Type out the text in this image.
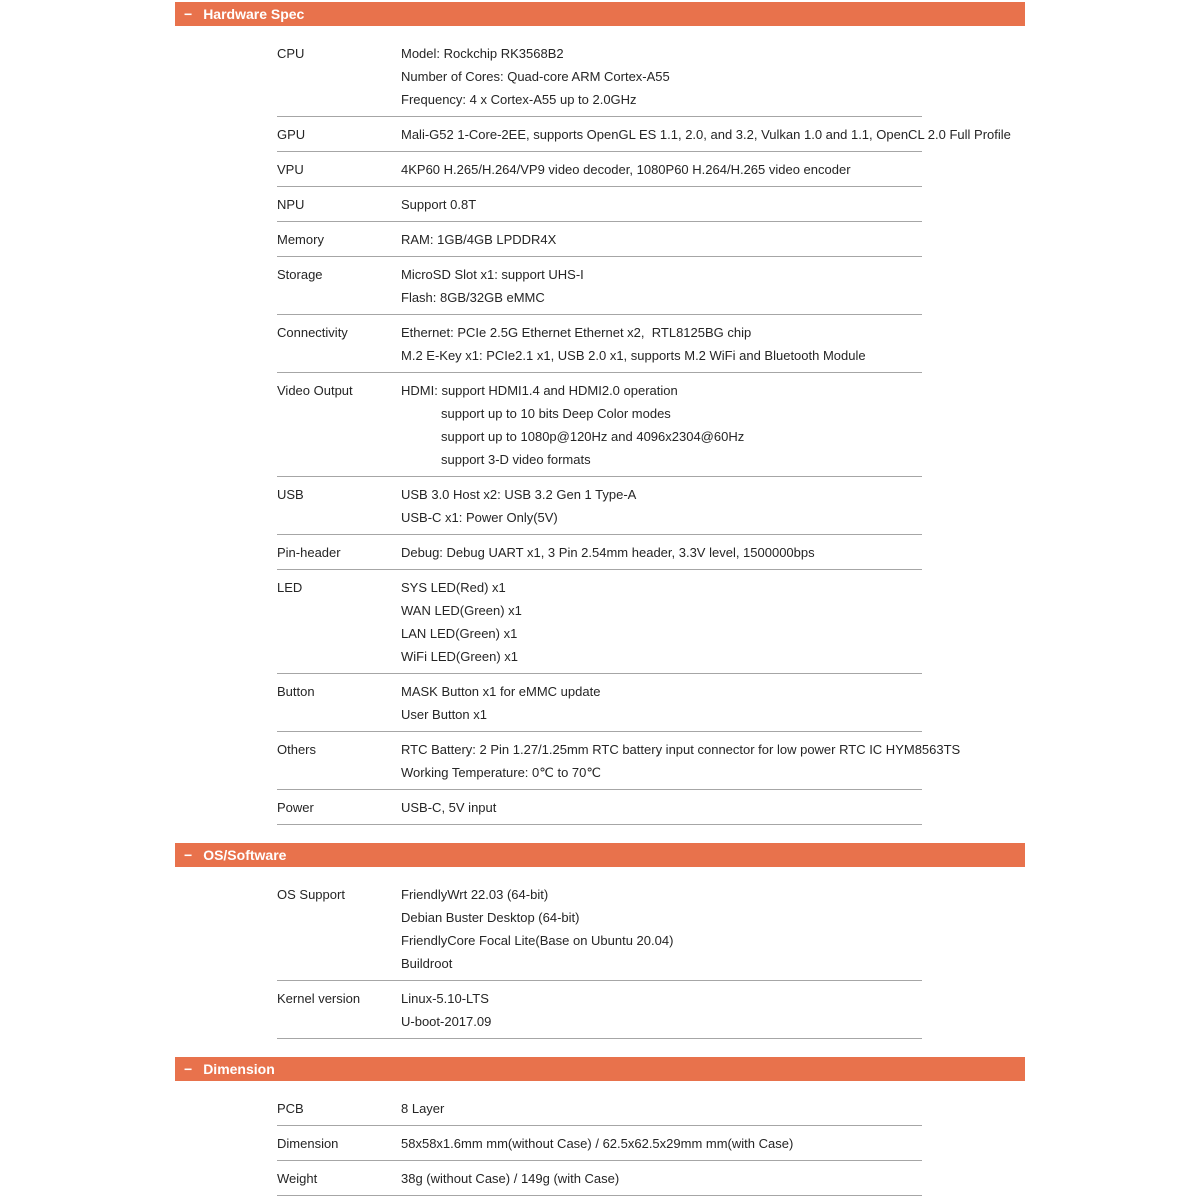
− Hardware Spec
CPU	Model: Rockchip RK3568B2
Number of Cores: Quad-core ARM Cortex-A55
Frequency: 4 x Cortex-A55 up to 2.0GHz
GPU	Mali-G52 1-Core-2EE, supports OpenGL ES 1.1, 2.0, and 3.2, Vulkan 1.0 and 1.1, OpenCL 2.0 Full Profile
VPU	4KP60 H.265/H.264/VP9 video decoder, 1080P60 H.264/H.265 video encoder
NPU	Support 0.8T
Memory	RAM: 1GB/4GB LPDDR4X
Storage	MicroSD Slot x1: support UHS-I
Flash: 8GB/32GB eMMC
Connectivity	Ethernet: PCIe 2.5G Ethernet Ethernet x2,  RTL8125BG chip
M.2 E-Key x1: PCIe2.1 x1, USB 2.0 x1, supports M.2 WiFi and Bluetooth Module
Video Output	HDMI: support HDMI1.4 and HDMI2.0 operation
support up to 10 bits Deep Color modes
support up to 1080p@120Hz and 4096x2304@60Hz
support 3-D video formats
USB	USB 3.0 Host x2: USB 3.2 Gen 1 Type-A
USB-C x1: Power Only(5V)
Pin-header	Debug: Debug UART x1, 3 Pin 2.54mm header, 3.3V level, 1500000bps
LED	SYS LED(Red) x1
WAN LED(Green) x1
LAN LED(Green) x1
WiFi LED(Green) x1
Button	MASK Button x1 for eMMC update
User Button x1
Others	RTC Battery: 2 Pin 1.27/1.25mm RTC battery input connector for low power RTC IC HYM8563TS
Working Temperature: 0℃ to 70℃
Power	USB-C, 5V input
− OS/Software
OS Support	FriendlyWrt 22.03 (64-bit)
Debian Buster Desktop (64-bit)
FriendlyCore Focal Lite(Base on Ubuntu 20.04)
Buildroot
Kernel version	Linux-5.10-LTS
U-boot-2017.09
− Dimension
PCB	8 Layer
Dimension	58x58x1.6mm mm(without Case) / 62.5x62.5x29mm mm(with Case)
Weight	38g (without Case) / 149g (with Case)
